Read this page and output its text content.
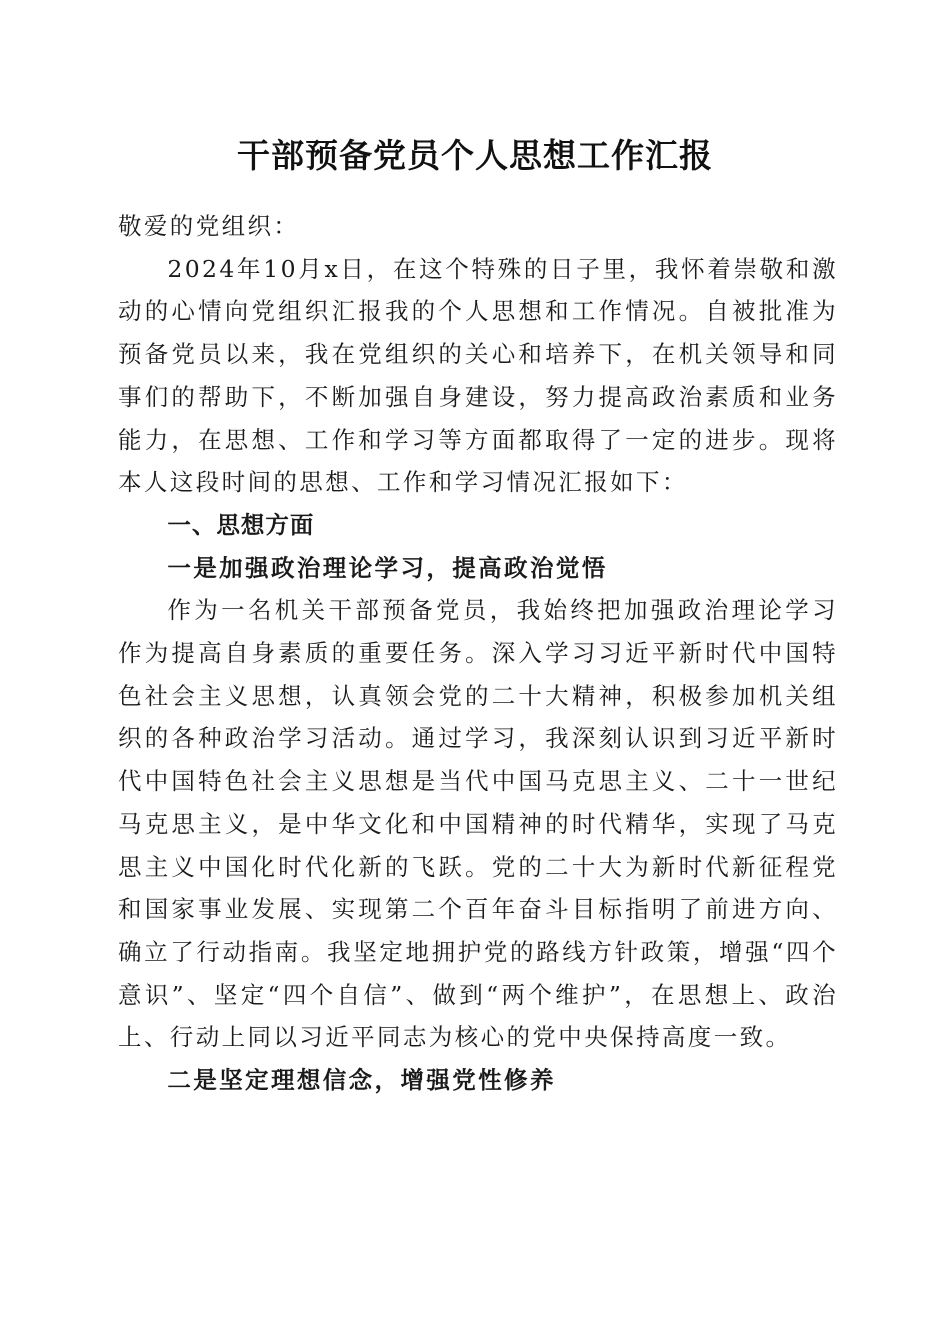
干部预备党员个人思想工作汇报

敬爱的党组织：

2024年10月x日，在这个特殊的日子里，我怀着崇敬和激动的心情向党组织汇报我的个人思想和工作情况。自被批准为预备党员以来，我在党组织的关心和培养下，在机关领导和同事们的帮助下，不断加强自身建设，努力提高政治素质和业务能力，在思想、工作和学习等方面都取得了一定的进步。现将本人这段时间的思想、工作和学习情况汇报如下：

一、思想方面

一是加强政治理论学习，提高政治觉悟

作为一名机关干部预备党员，我始终把加强政治理论学习作为提高自身素质的重要任务。深入学习习近平新时代中国特色社会主义思想，认真领会党的二十大精神，积极参加机关组织的各种政治学习活动。通过学习，我深刻认识到习近平新时代中国特色社会主义思想是当代中国马克思主义、二十一世纪马克思主义，是中华文化和中国精神的时代精华，实现了马克思主义中国化时代化新的飞跃。党的二十大为新时代新征程党和国家事业发展、实现第二个百年奋斗目标指明了前进方向、确立了行动指南。我坚定地拥护党的路线方针政策，增强“四个意识”、坚定“四个自信”、做到“两个维护”，在思想上、政治上、行动上同以习近平同志为核心的党中央保持高度一致。

二是坚定理想信念，增强党性修养
